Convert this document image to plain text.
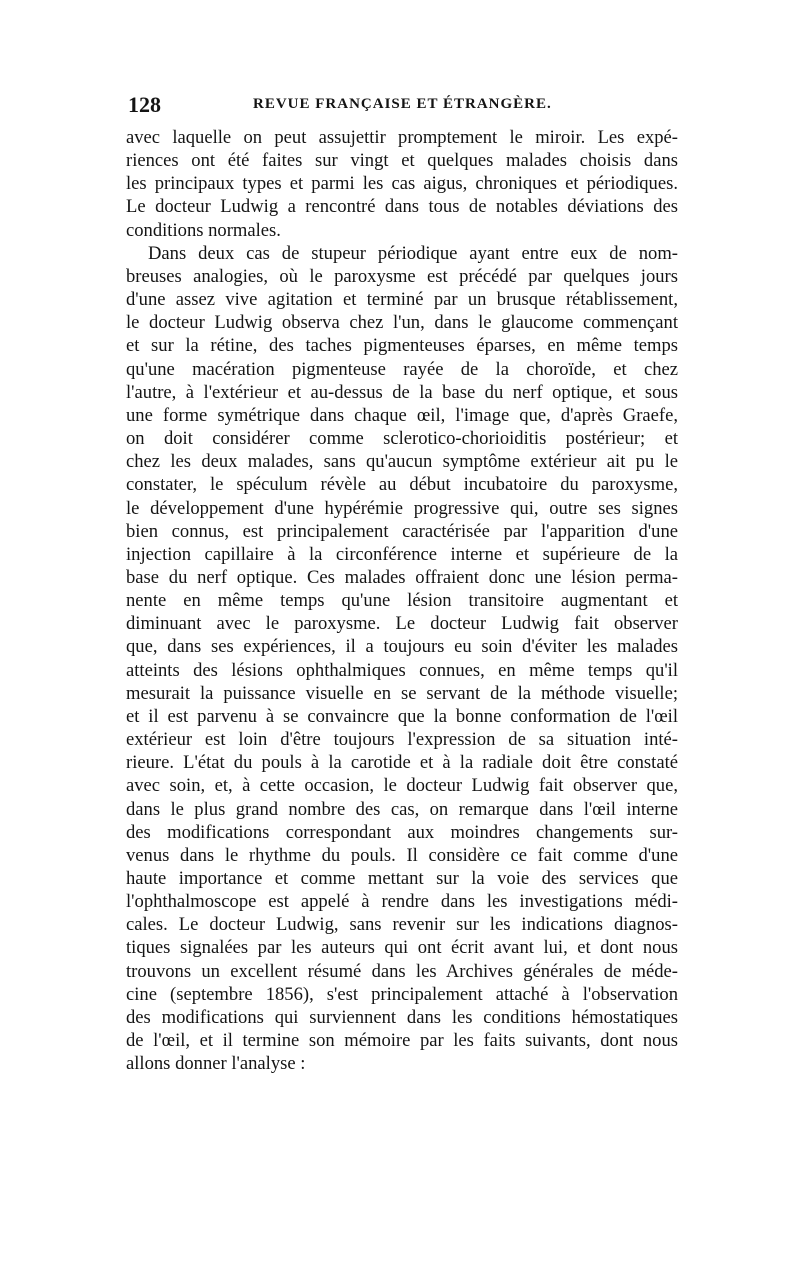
128	REVUE FRANÇAISE ET ÉTRANGÈRE.
avec laquelle on peut assujettir promptement le miroir. Les expé-
riences ont été faites sur vingt et quelques malades choisis dans
les principaux types et parmi les cas aigus, chroniques et périodiques.
Le docteur Ludwig a rencontré dans tous de notables déviations des
conditions normales.
Dans deux cas de stupeur périodique ayant entre eux de nom-
breuses analogies, où le paroxysme est précédé par quelques jours
d'une assez vive agitation et terminé par un brusque rétablissement,
le docteur Ludwig observa chez l'un, dans le glaucome commençant
et sur la rétine, des taches pigmenteuses éparses, en même temps
qu'une macération pigmenteuse rayée de la choroïde, et chez
l'autre, à l'extérieur et au-dessus de la base du nerf optique, et sous
une forme symétrique dans chaque œil, l'image que, d'après Graefe,
on doit considérer comme sclerotico-chorioiditis postérieur; et
chez les deux malades, sans qu'aucun symptôme extérieur ait pu le
constater, le spéculum révèle au début incubatoire du paroxysme,
le développement d'une hypérémie progressive qui, outre ses signes
bien connus, est principalement caractérisée par l'apparition d'une
injection capillaire à la circonférence interne et supérieure de la
base du nerf optique. Ces malades offraient donc une lésion perma-
nente en même temps qu'une lésion transitoire augmentant et
diminuant avec le paroxysme. Le docteur Ludwig fait observer
que, dans ses expériences, il a toujours eu soin d'éviter les malades
atteints des lésions ophthalmiques connues, en même temps qu'il
mesurait la puissance visuelle en se servant de la méthode visuelle;
et il est parvenu à se convaincre que la bonne conformation de l'œil
extérieur est loin d'être toujours l'expression de sa situation inté-
rieure. L'état du pouls à la carotide et à la radiale doit être constaté
avec soin, et, à cette occasion, le docteur Ludwig fait observer que,
dans le plus grand nombre des cas, on remarque dans l'œil interne
des modifications correspondant aux moindres changements sur-
venus dans le rhythme du pouls. Il considère ce fait comme d'une
haute importance et comme mettant sur la voie des services que
l'ophthalmoscope est appelé à rendre dans les investigations médi-
cales. Le docteur Ludwig, sans revenir sur les indications diagnos-
tiques signalées par les auteurs qui ont écrit avant lui, et dont nous
trouvons un excellent résumé dans les Archives générales de méde-
cine (septembre 1856), s'est principalement attaché à l'observation
des modifications qui surviennent dans les conditions hémostatiques
de l'œil, et il termine son mémoire par les faits suivants, dont nous
allons donner l'analyse :
